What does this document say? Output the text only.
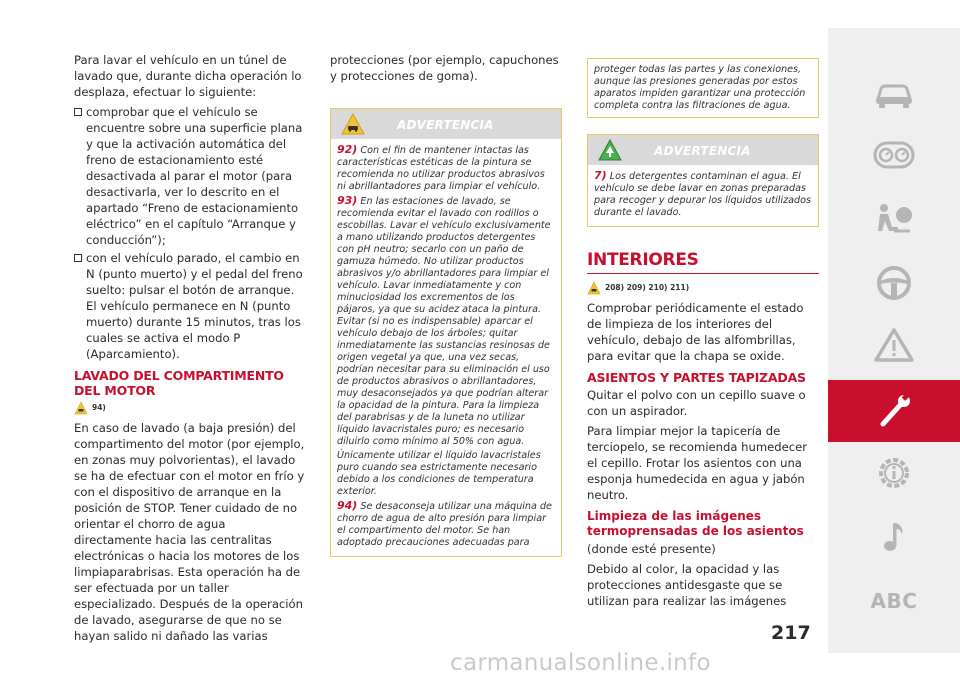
Para lavar el vehículo en un túnel de lavado que, durante dicha operación lo desplaza, efectuar lo siguiente:

comprobar que el vehículo se encuentre sobre una superficie plana y que la activación automática del freno de estacionamiento esté desactivada al parar el motor (para desactivarla, ver lo descrito en el apartado “Freno de estacionamiento eléctrico” en el capítulo “Arranque y conducción”);
con el vehículo parado, el cambio en N (punto muerto) y el pedal del freno suelto: pulsar el botón de arranque. El vehículo permanece en N (punto muerto) durante 15 minutos, tras los cuales se activa el modo P (Aparcamiento).
LAVADO DEL COMPARTIMENTO DEL MOTOR
94)

En caso de lavado (a baja presión) del compartimento del motor (por ejemplo, en zonas muy polvorientas), el lavado se ha de efectuar con el motor en frío y con el dispositivo de arranque en la posición de STOP. Tener cuidado de no orientar el chorro de agua directamente hacia las centralitas electrónicas o hacia los motores de los limpiaparabrisas. Esta operación ha de ser efectuada por un taller especializado. Después de la operación de lavado, asegurarse de que no se hayan salido ni dañado las varias

protecciones (por ejemplo, capuchones y protecciones de goma).

ADVERTENCIA

92) Con el fin de mantener intactas las características estéticas de la pintura se recomienda no utilizar productos abrasivos ni abrillantadores para limpiar el vehículo.

93) En las estaciones de lavado, se recomienda evitar el lavado con rodillos o escobillas. Lavar el vehículo exclusivamente a mano utilizando productos detergentes con pH neutro; secarlo con un paño de gamuza húmedo. No utilizar productos abrasivos y/o abrillantadores para limpiar el vehículo. Lavar inmediatamente y con minuciosidad los excrementos de los pájaros, ya que su acidez ataca la pintura. Evitar (si no es indispensable) aparcar el vehículo debajo de los árboles; quitar inmediatamente las sustancias resinosas de origen vegetal ya que, una vez secas, podrían necesitar para su eliminación el uso de productos abrasivos o abrillantadores, muy desaconsejados ya que podrían alterar la opacidad de la pintura. Para la limpieza del parabrisas y de la luneta no utilizar líquido lavacristales puro; es necesario diluirlo como mínimo al 50% con agua.

Únicamente utilizar el líquido lavacristales puro cuando sea estrictamente necesario debido a los condiciones de temperatura exterior.

94) Se desaconseja utilizar una máquina de chorro de agua de alto presión para limpiar el compartimento del motor. Se han adoptado precauciones adecuadas para

proteger todas las partes y las conexiones, aunque las presiones generadas por estos aparatos impiden garantizar una protección completa contra las filtraciones de agua.
ADVERTENCIA

7) Los detergentes contaminan el agua. El vehículo se debe lavar en zonas preparadas para recoger y depurar los líquidos utilizados durante el lavado.

INTERIORES
208) 209) 210) 211)

Comprobar periódicamente el estado de limpieza de los interiores del vehículo, debajo de las alfombrillas, para evitar que la chapa se oxide.

ASIENTOS Y PARTES TAPIZADAS

Quitar el polvo con un cepillo suave o con un aspirador.

Para limpiar mejor la tapicería de terciopelo, se recomienda humedecer el cepillo. Frotar los asientos con una esponja humedecida en agua y jabón neutro.

Limpieza de las imágenes termoprensadas de los asientos

(donde esté presente)

Debido al color, la opacidad y las protecciones antidesgaste que se utilizan para realizar las imágenes

217
carmanualsonline.info
ABC
